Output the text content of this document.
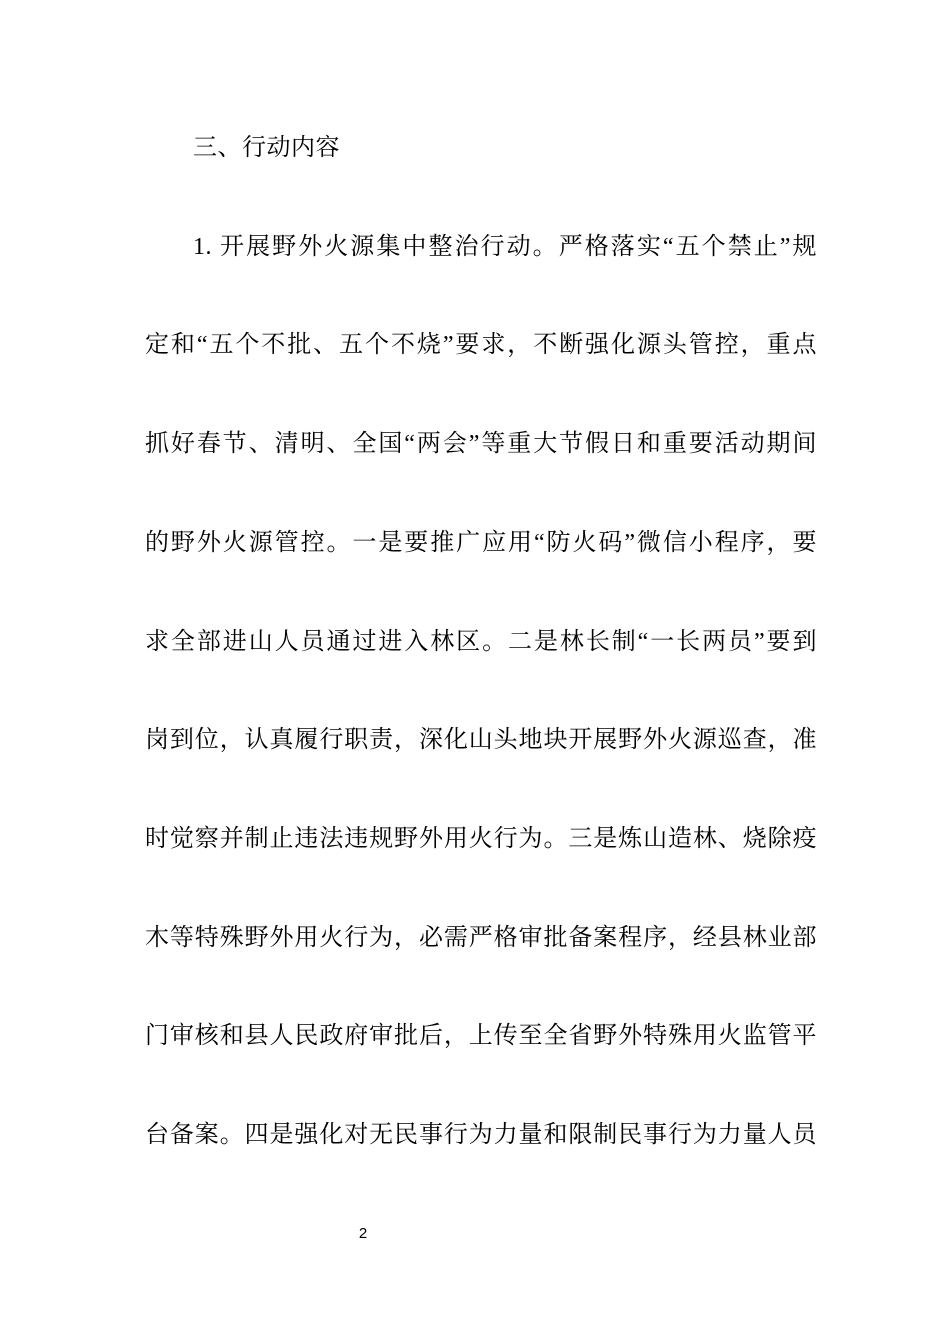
三、行动内容
1. 开展野外火源集中整治行动。严格落实“五个禁止”规
定和“五个不批、五个不烧”要求，不断强化源头管控，重点
抓好春节、清明、全国“两会”等重大节假日和重要活动期间
的野外火源管控。一是要推广应用“防火码”微信小程序，要
求全部进山人员通过进入林区。二是林长制“一长两员”要到
岗到位，认真履行职责，深化山头地块开展野外火源巡查，准
时觉察并制止违法违规野外用火行为。三是炼山造林、烧除疫
木等特殊野外用火行为，必需严格审批备案程序，经县林业部
门审核和县人民政府审批后，上传至全省野外特殊用火监管平
台备案。四是强化对无民事行为力量和限制民事行为力量人员
2
